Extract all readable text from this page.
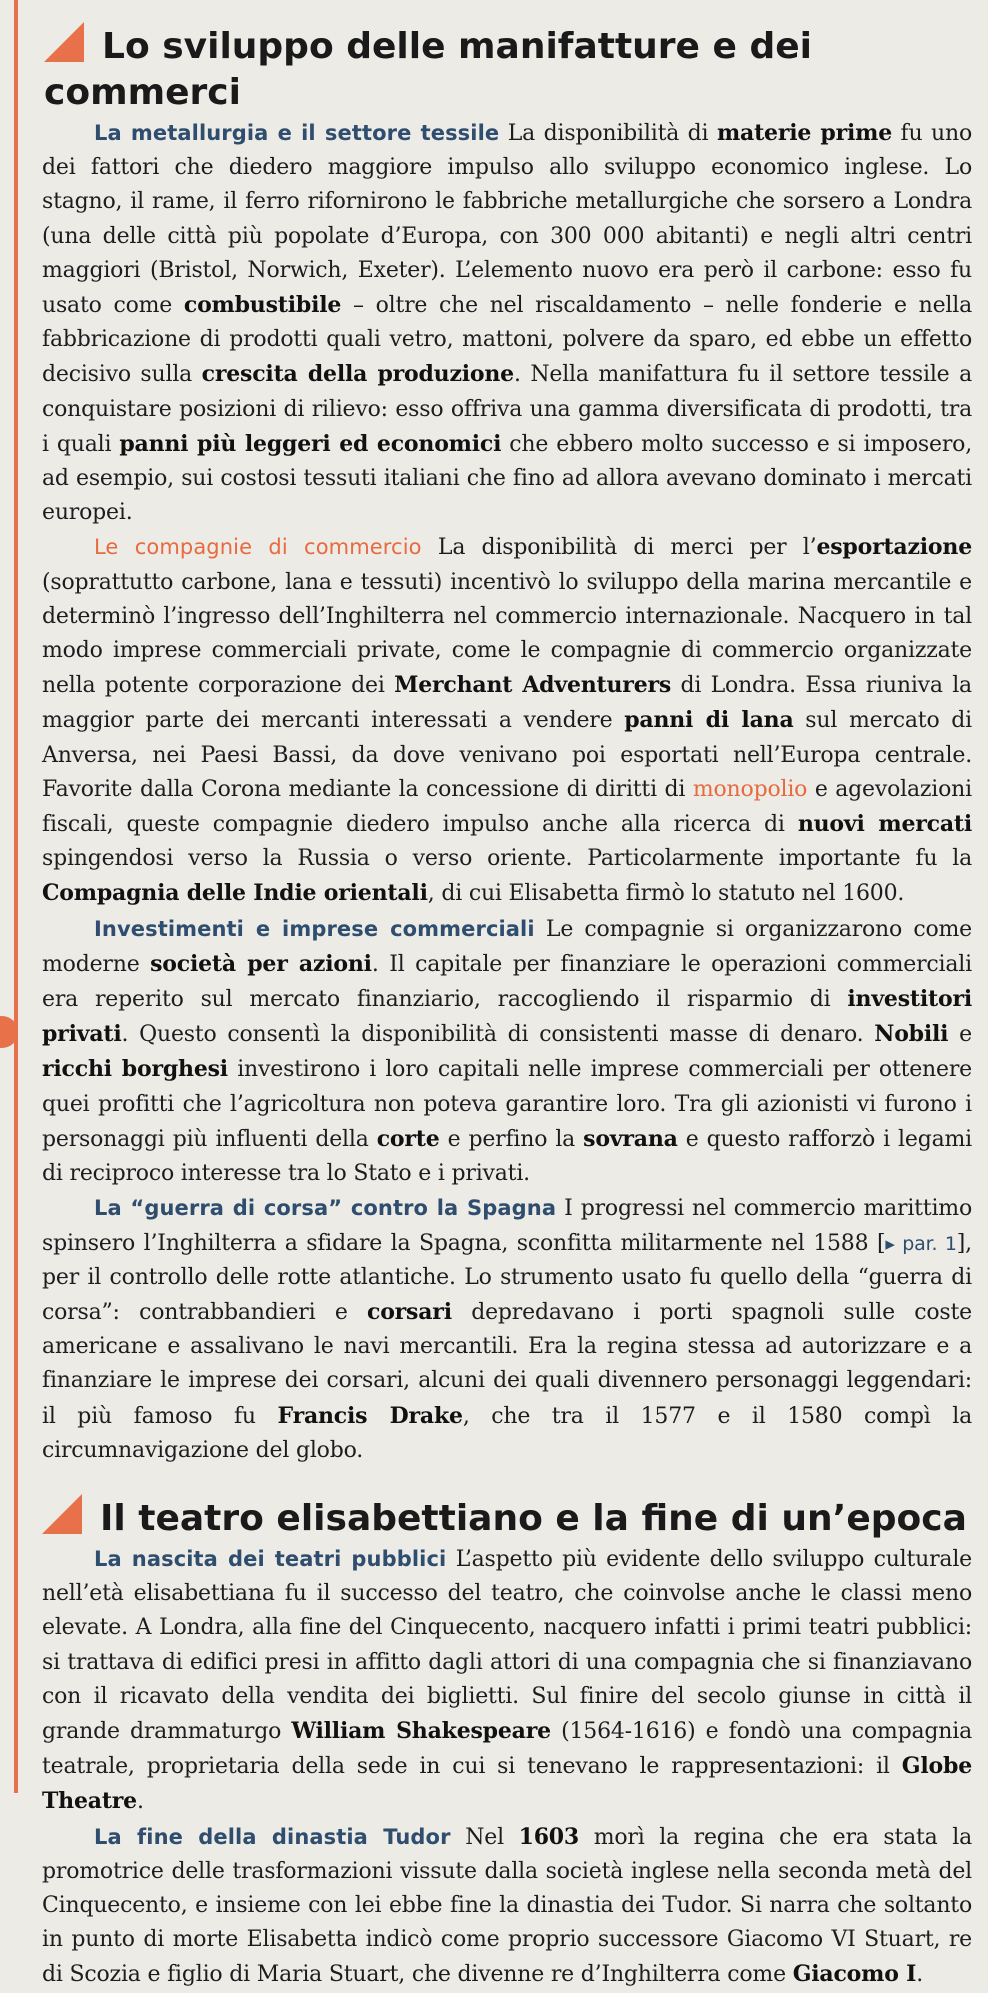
Lo sviluppo delle manifatture e dei commerci

La metallurgia e il settore tessile La disponibilità di materie prime fu uno dei fattori che diedero maggiore impulso allo sviluppo economico inglese. Lo stagno, il rame, il ferro rifornirono le fabbriche metallurgiche che sorsero a Londra (una delle città più popolate d’Europa, con 300 000 abitanti) e negli altri centri maggiori (Bristol, Norwich, Exeter). L’elemento nuovo era però il carbone: esso fu usato come combustibile – oltre che nel riscaldamento – nelle fonderie e nella fabbricazione di prodotti quali vetro, mattoni, polvere da sparo, ed ebbe un effetto decisivo sulla crescita della produzione. Nella manifattura fu il settore tessile a conquistare posizioni di rilievo: esso offriva una gamma diversificata di prodotti, tra i quali panni più leggeri ed economici che ebbero molto successo e si imposero, ad esempio, sui costosi tessuti italiani che fino ad allora avevano dominato i mercati europei.

Le compagnie di commercio La disponibilità di merci per l’esportazione (soprattutto carbone, lana e tessuti) incentivò lo sviluppo della marina mercantile e determinò l’ingresso dell’Inghilterra nel commercio internazionale. Nacquero in tal modo imprese commerciali private, come le compagnie di commercio organizzate nella potente corporazione dei Merchant Adventurers di Londra. Essa riuniva la maggior parte dei mercanti interessati a vendere panni di lana sul mercato di Anversa, nei Paesi Bassi, da dove venivano poi esportati nell’Europa centrale. Favorite dalla Corona mediante la concessione di diritti di monopolio e agevolazioni fiscali, queste compagnie diedero impulso anche alla ricerca di nuovi mercati spingendosi verso la Russia o verso oriente. Particolarmente importante fu la Compagnia delle Indie orientali, di cui Elisabetta firmò lo statuto nel 1600.

Investimenti e imprese commerciali Le compagnie si organizzarono come moderne società per azioni. Il capitale per finanziare le operazioni commerciali era reperito sul mercato finanziario, raccogliendo il risparmio di investitori privati. Questo consentì la disponibilità di consistenti masse di denaro. Nobili e ricchi borghesi investirono i loro capitali nelle imprese commerciali per ottenere quei profitti che l’agricoltura non poteva garantire loro. Tra gli azionisti vi furono i personaggi più influenti della corte e perfino la sovrana e questo rafforzò i legami di reciproco interesse tra lo Stato e i privati.

La “guerra di corsa” contro la Spagna I progressi nel commercio marittimo spinsero l’Inghilterra a sfidare la Spagna, sconfitta militarmente nel 1588 [▸ par. 1], per il controllo delle rotte atlantiche. Lo strumento usato fu quello della “guerra di corsa”: contrabbandieri e corsari depredavano i porti spagnoli sulle coste americane e assalivano le navi mercantili. Era la regina stessa ad autorizzare e a finanziare le imprese dei corsari, alcuni dei quali divennero personaggi leggendari: il più famoso fu Francis Drake, che tra il 1577 e il 1580 compì la circumnavigazione del globo.

Il teatro elisabettiano e la fine di un’epoca

La nascita dei teatri pubblici L’aspetto più evidente dello sviluppo culturale nell’età elisabettiana fu il successo del teatro, che coinvolse anche le classi meno elevate. A Londra, alla fine del Cinquecento, nacquero infatti i primi teatri pubblici: si trattava di edifici presi in affitto dagli attori di una compagnia che si finanziavano con il ricavato della vendita dei biglietti. Sul finire del secolo giunse in città il grande drammaturgo William Shakespeare (1564-1616) e fondò una compagnia teatrale, proprietaria della sede in cui si tenevano le rappresentazioni: il Globe Theatre.

La fine della dinastia Tudor Nel 1603 morì la regina che era stata la promotrice delle trasformazioni vissute dalla società inglese nella seconda metà del Cinquecento, e insieme con lei ebbe fine la dinastia dei Tudor. Si narra che soltanto in punto di morte Elisabetta indicò come proprio successore Giacomo VI Stuart, re di Scozia e figlio di Maria Stuart, che divenne re d’Inghilterra come Giacomo I.
